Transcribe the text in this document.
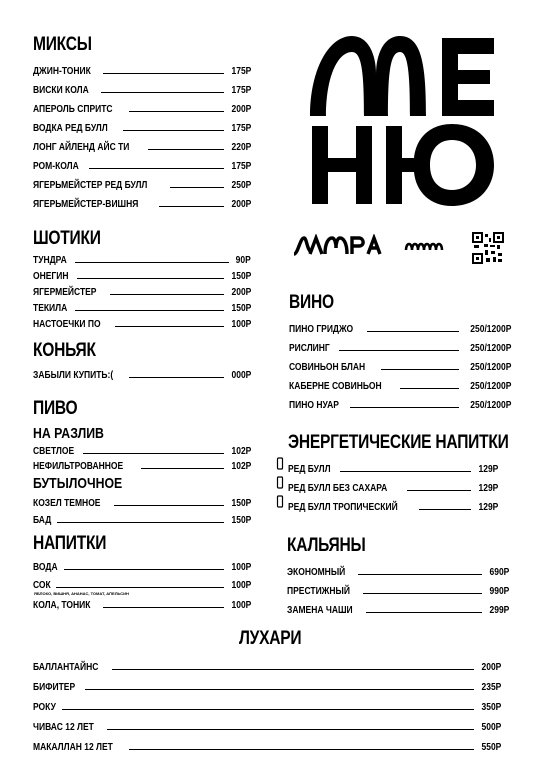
МИКСЫ
ДЖИН-ТОНИК	175Р
ВИСКИ КОЛА	175Р
АПЕРОЛЬ СПРИТС	200Р
ВОДКА РЕД БУЛЛ	175Р
ЛОНГ АЙЛЕНД АЙС ТИ	220Р
РОМ-КОЛА	175Р
ЯГЕРЬМЕЙСТЕР РЕД БУЛЛ	250Р
ЯГЕРЬМЕЙСТЕР-ВИШНЯ	200Р
ШОТИКИ
ТУНДРА	90Р
ОНЕГИН	150Р
ЯГЕРМЕЙСТЕР	200Р
ТЕКИЛА	150Р
НАСТОЕЧКИ ПО	100Р
КОНЬЯК
ЗАБЫЛИ КУПИТЬ:(	000Р
ПИВО
НА РАЗЛИВ
СВЕТЛОЕ	102Р
НЕФИЛЬТРОВАННОЕ	102Р
БУТЫЛОЧНОЕ
КОЗЕЛ ТЕМНОЕ	150Р
БАД	150Р
НАПИТКИ
ВОДА	100Р
СОК	100Р
КОЛА, ТОНИК	100Р
ЯБЛОКО, ВИШНЯ, АНАНАС, ТОМАТ, АПЕЛЬСИН
ВИНО
ПИНО ГРИДЖО	250/1200Р
РИСЛИНГ	250/1200Р
СОВИНЬОН БЛАН	250/1200Р
КАБЕРНЕ СОВИНЬОН	250/1200Р
ПИНО НУАР	250/1200Р
ЭНЕРГЕТИЧЕСКИЕ НАПИТКИ
РЕД БУЛЛ	129Р
РЕД БУЛЛ БЕЗ САХАРА	129Р
РЕД БУЛЛ ТРОПИЧЕСКИЙ	129Р
КАЛЬЯНЫ
ЭКОНОМНЫЙ	690Р
ПРЕСТИЖНЫЙ	990Р
ЗАМЕНА ЧАШИ	299Р
ЛУХАРИ
БАЛЛАНТАЙНС	200Р
БИФИТЕР	235Р
РОКУ	350Р
ЧИВАС 12 ЛЕТ	500Р
МАКАЛЛАН 12 ЛЕТ	550Р
